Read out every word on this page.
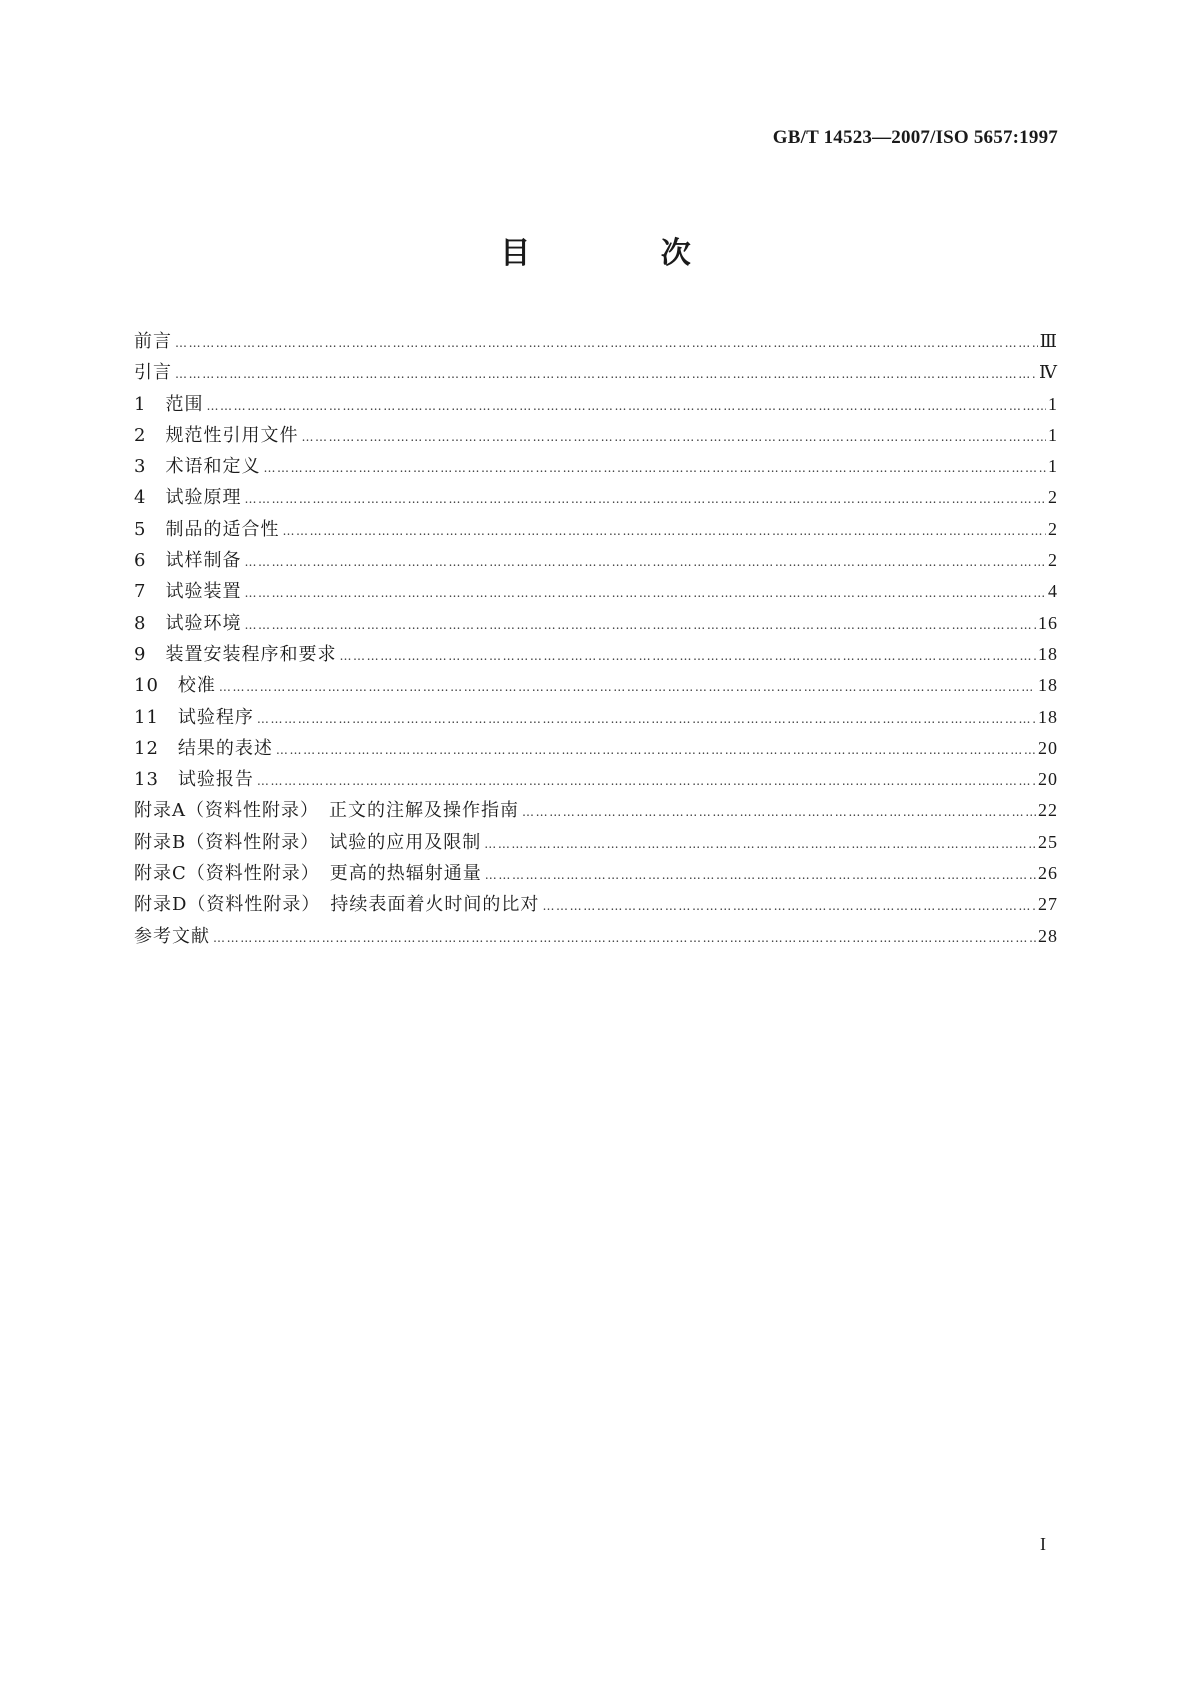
GB/T 14523—2007/ISO 5657:1997
目 次
前言 …………………………………………………………………………………………………………………………………………………………………………………………………………………………………………………………………………………	Ⅲ
引言 …………………………………………………………………………………………………………………………………………………………………………………………………………………………………………………………………………………	Ⅳ
1　范围 …………………………………………………………………………………………………………………………………………………………………………………………………………………………………………………………………………………	1
2　规范性引用文件 …………………………………………………………………………………………………………………………………………………………………………………………………………………………………………………………………………………	1
3　术语和定义 …………………………………………………………………………………………………………………………………………………………………………………………………………………………………………………………………………………	1
4　试验原理 …………………………………………………………………………………………………………………………………………………………………………………………………………………………………………………………………………………	2
5　制品的适合性 …………………………………………………………………………………………………………………………………………………………………………………………………………………………………………………………………………………	2
6　试样制备 …………………………………………………………………………………………………………………………………………………………………………………………………………………………………………………………………………………	2
7　试验装置 …………………………………………………………………………………………………………………………………………………………………………………………………………………………………………………………………………………	4
8　试验环境 …………………………………………………………………………………………………………………………………………………………………………………………………………………………………………………………………………………	16
9　装置安装程序和要求 …………………………………………………………………………………………………………………………………………………………………………………………………………………………………………………………………………………	18
10　校准 …………………………………………………………………………………………………………………………………………………………………………………………………………………………………………………………………………………	18
11　试验程序 …………………………………………………………………………………………………………………………………………………………………………………………………………………………………………………………………………………	18
12　结果的表述 …………………………………………………………………………………………………………………………………………………………………………………………………………………………………………………………………………………	20
13　试验报告 …………………………………………………………………………………………………………………………………………………………………………………………………………………………………………………………………………………	20
附录A（资料性附录）　正文的注解及操作指南 …………………………………………………………………………………………………………………………………………………………………………………………………………………………………………………………………………………	22
附录B（资料性附录）　试验的应用及限制 …………………………………………………………………………………………………………………………………………………………………………………………………………………………………………………………………………………	25
附录C（资料性附录）　更高的热辐射通量 …………………………………………………………………………………………………………………………………………………………………………………………………………………………………………………………………………………	26
附录D（资料性附录）　持续表面着火时间的比对 …………………………………………………………………………………………………………………………………………………………………………………………………………………………………………………………………………………	27
参考文献 …………………………………………………………………………………………………………………………………………………………………………………………………………………………………………………………………………………	28
I
